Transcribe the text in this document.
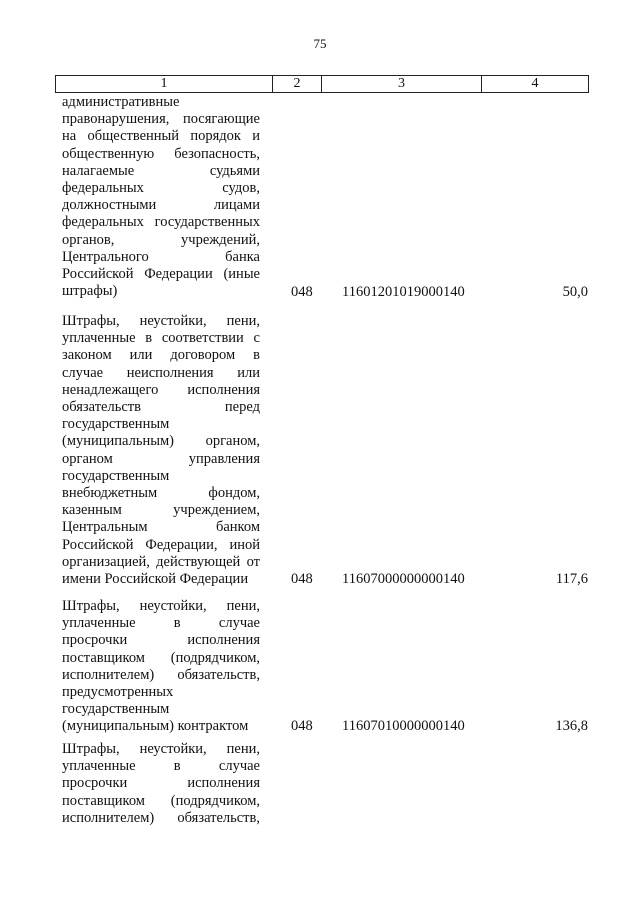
75
1	2	3	4
административные
правонарушения, посягающие
на общественный порядок и
общественную безопасность,
налагаемые судьями
федеральных судов,
должностными лицами
федеральных государственных
органов, учреждений,
Центрального банка
Российской Федерации (иные
штрафы)	048 11601201019000140	50,0
Штрафы, неустойки, пени,
уплаченные в соответствии с
законом или договором в
случае неисполнения или
ненадлежащего исполнения
обязательств перед
государственным
(муниципальным) органом,
органом управления
государственным
внебюджетным фондом,
казенным учреждением,
Центральным банком
Российской Федерации, иной
организацией, действующей от
имени Российской Федерации	048 11607000000000140	117,6
Штрафы, неустойки, пени,
уплаченные в случае
просрочки исполнения
поставщиком (подрядчиком,
исполнителем) обязательств,
предусмотренных
государственным
(муниципальным) контрактом	048 11607010000000140	136,8
Штрафы, неустойки, пени,
уплаченные в случае
просрочки исполнения
поставщиком (подрядчиком,
исполнителем) обязательств,
